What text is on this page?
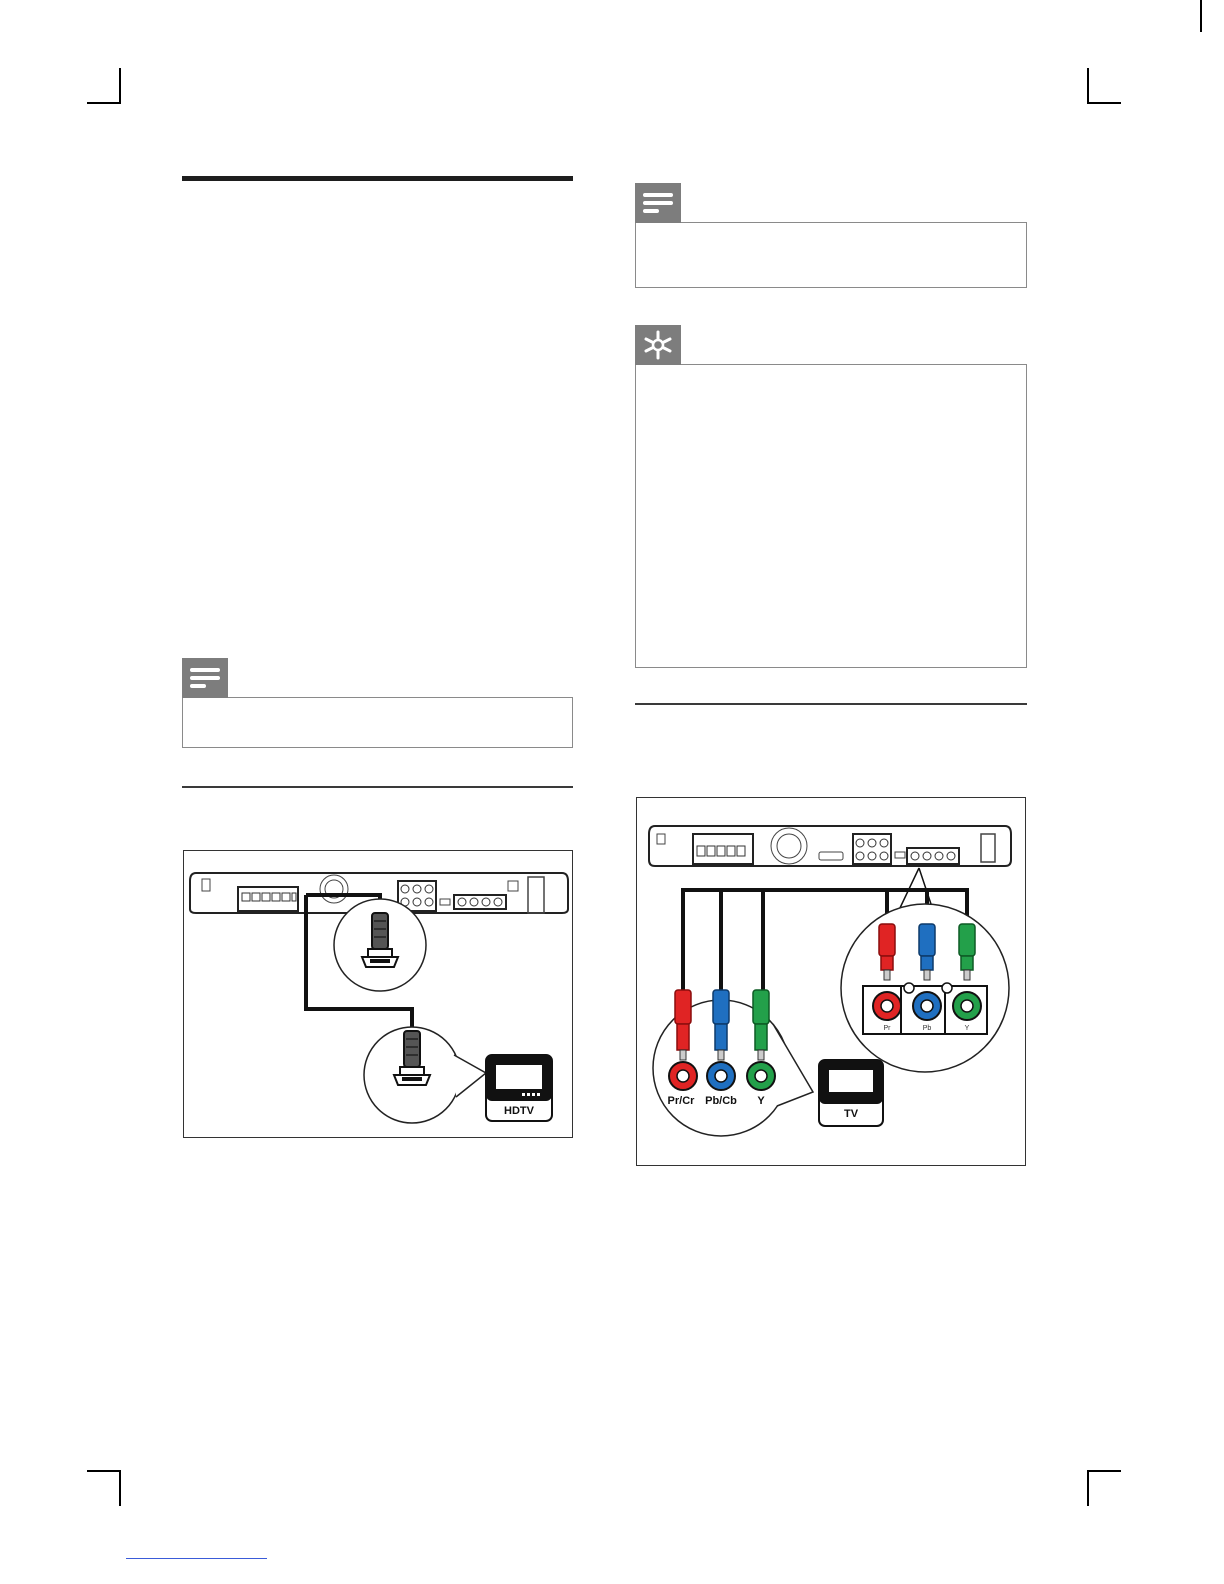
HDTV
Pr	Pb	Y
Pr/Cr Pb/Cb Y
TV
